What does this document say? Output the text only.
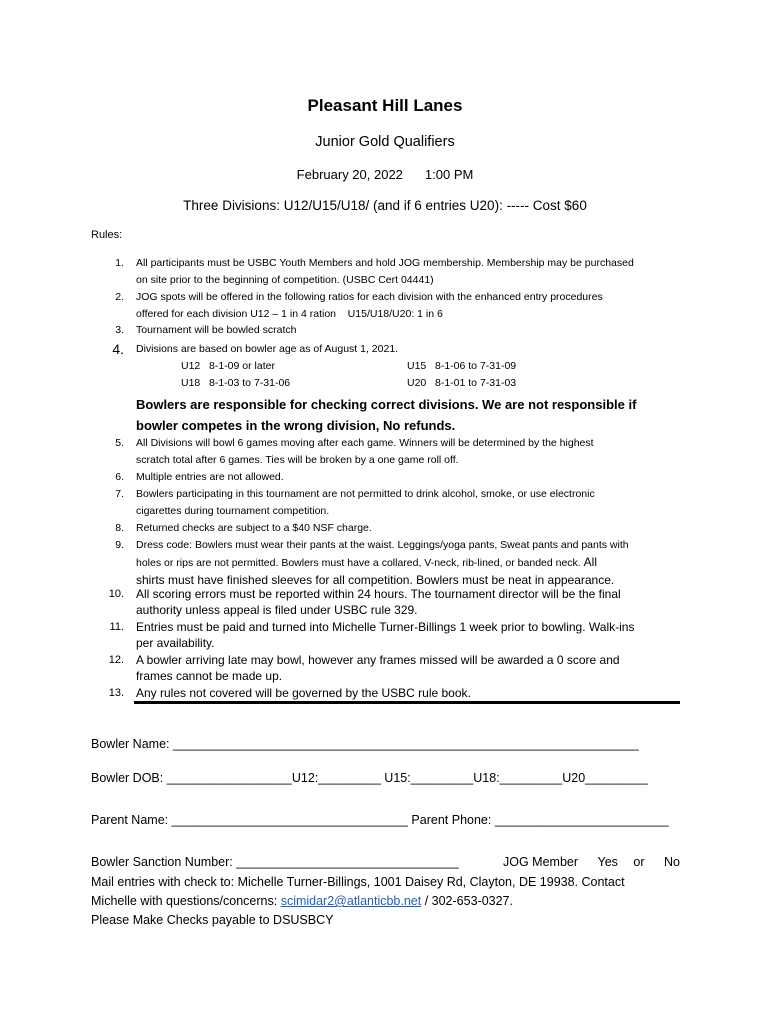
Pleasant Hill Lanes
Junior Gold Qualifiers
February 20, 2022 1:00 PM
Three Divisions: U12/U15/U18/ (and if 6 entries U20): ----- Cost $60
Rules:
1. All participants must be USBC Youth Members and hold JOG membership. Membership may be purchased
on site prior to the beginning of competition. (USBC Cert 04441)
2. JOG spots will be offered in the following ratios for each division with the enhanced entry procedures
offered for each division U12 – 1 in 4 ration    U15/U18/U20: 1 in 6
3. Tournament will be bowled scratch
4. Divisions are based on bowler age as of August 1, 2021.
U12 8-1-09 or later	U15 8-1-06 to 7-31-09
U18 8-1-03 to 7-31-06	U20 8-1-01 to 7-31-03
Bowlers are responsible for checking correct divisions. We are not responsible if
bowler competes in the wrong division, No refunds.
5. All Divisions will bowl 6 games moving after each game. Winners will be determined by the highest
scratch total after 6 games. Ties will be broken by a one game roll off.
6. Multiple entries are not allowed.
7. Bowlers participating in this tournament are not permitted to drink alcohol, smoke, or use electronic
cigarettes during tournament competition.
8. Returned checks are subject to a $40 NSF charge.
9. Dress code: Bowlers must wear their pants at the waist. Leggings/yoga pants, Sweat pants and pants with
holes or rips are not permitted. Bowlers must have a collared, V-neck, rib-lined, or banded neck. All
shirts must have finished sleeves for all competition. Bowlers must be neat in appearance.
10. All scoring errors must be reported within 24 hours. The tournament director will be the final
authority unless appeal is filed under USBC rule 329.
11. Entries must be paid and turned into Michelle Turner-Billings 1 week prior to bowling. Walk-ins
per availability.
12. A bowler arriving late may bowl, however any frames missed will be awarded a 0 score and
frames cannot be made up.
13. Any rules not covered will be governed by the USBC rule book.
Bowler Name: ___________________________________________________________________
Bowler DOB: __________________U12:_________ U15:_________U18:_________U20_________
Parent Name: __________________________________ Parent Phone: _________________________
Bowler Sanction Number: ________________________________	JOG Member Yes or No
Mail entries with check to: Michelle Turner-Billings, 1001 Daisey Rd, Clayton, DE 19938. Contact
Michelle with questions/concerns: scimidar2@atlanticbb.net / 302-653-0327.
Please Make Checks payable to DSUSBCY
